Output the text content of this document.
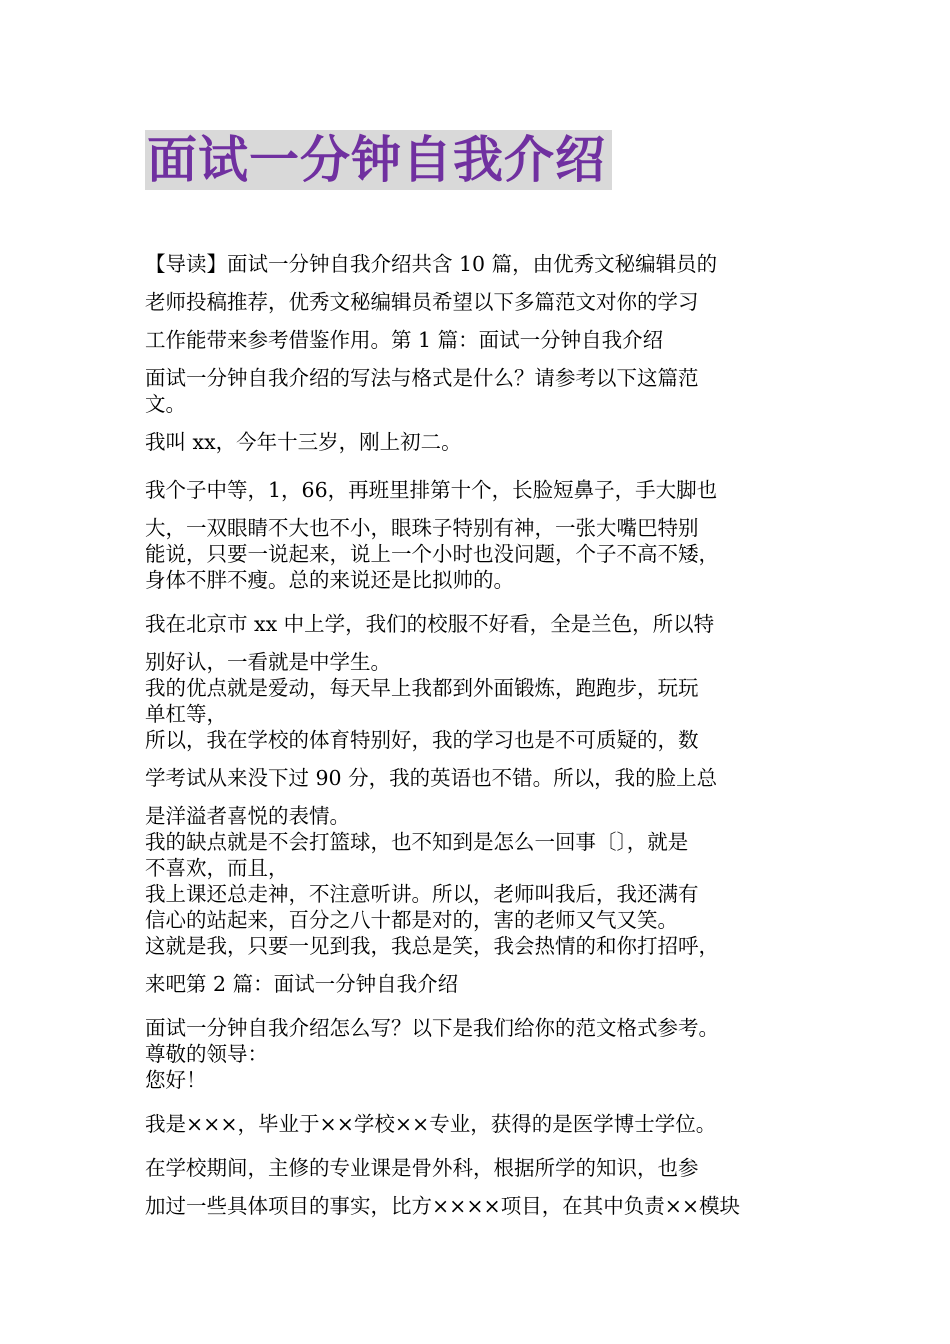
面试一分钟自我介绍
【导读】面试一分钟自我介绍共含 10 篇，由优秀文秘编辑员的
老师投稿推荐，优秀文秘编辑员希望以下多篇范文对你的学习
工作能带来参考借鉴作用。第 1 篇：面试一分钟自我介绍
面试一分钟自我介绍的写法与格式是什么？请参考以下这篇范
文。
我叫 xx，今年十三岁，刚上初二。
我个子中等，1，66，再班里排第十个，长脸短鼻子，手大脚也
大，一双眼睛不大也不小，眼珠子特别有神，一张大嘴巴特别
能说，只要一说起来，说上一个小时也没问题，个子不高不矮，
身体不胖不瘦。总的来说还是比拟帅的。
我在北京市 xx 中上学，我们的校服不好看，全是兰色，所以特
别好认，一看就是中学生。
我的优点就是爱动，每天早上我都到外面锻炼，跑跑步，玩玩
单杠等，
所以，我在学校的体育特别好，我的学习也是不可质疑的，数
学考试从来没下过 90 分，我的英语也不错。所以，我的脸上总
是洋溢者喜悦的表情。
我的缺点就是不会打篮球，也不知到是怎么一回事〔〕，就是
不喜欢，而且，
我上课还总走神，不注意听讲。所以，老师叫我后，我还满有
信心的站起来，百分之八十都是对的，害的老师又气又笑。
这就是我，只要一见到我，我总是笑，我会热情的和你打招呼，
来吧第 2 篇：面试一分钟自我介绍
面试一分钟自我介绍怎么写？以下是我们给你的范文格式参考。
尊敬的领导：
您好！
我是×××，毕业于××学校××专业，获得的是医学博士学位。
在学校期间，主修的专业课是骨外科，根据所学的知识，也参
加过一些具体项目的事实，比方××××项目，在其中负责××模块
